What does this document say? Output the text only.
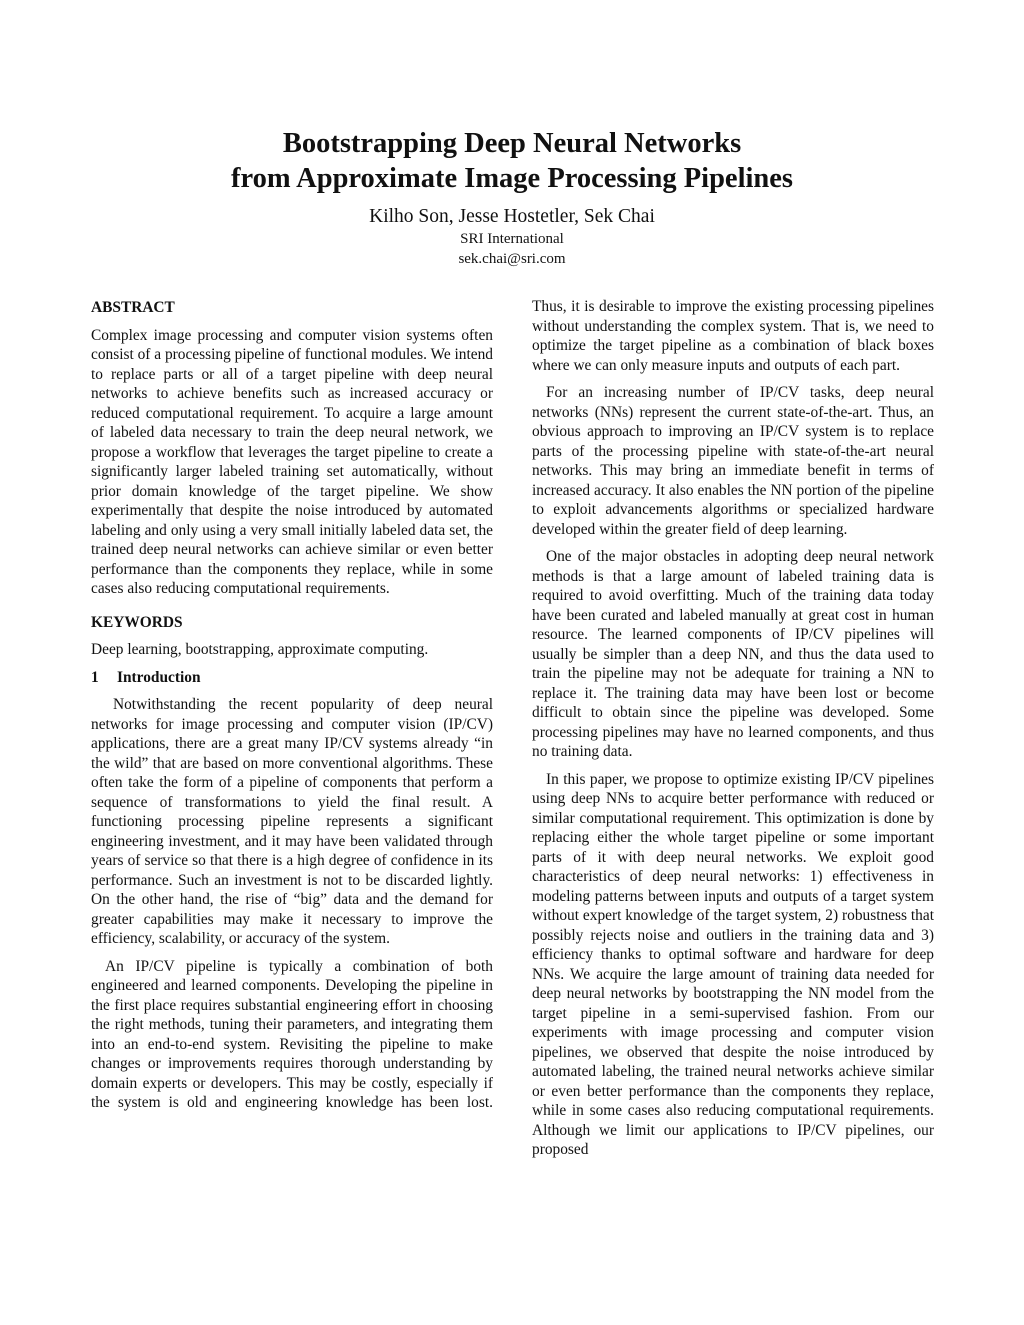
Bootstrapping Deep Neural Networks
from Approximate Image Processing Pipelines
Kilho Son, Jesse Hostetler, Sek Chai
SRI International
sek.chai@sri.com
ABSTRACT

Complex image processing and computer vision systems often consist of a processing pipeline of functional modules. We intend to replace parts or all of a target pipeline with deep neural networks to achieve benefits such as increased accuracy or reduced computational requirement. To acquire a large amount of labeled data necessary to train the deep neural network, we propose a workflow that leverages the target pipeline to create a significantly larger labeled training set automatically, without prior domain knowledge of the target pipeline. We show experimentally that despite the noise introduced by automated labeling and only using a very small initially labeled data set, the trained deep neural networks can achieve similar or even better performance than the components they replace, while in some cases also reducing computational requirements.

KEYWORDS

Deep learning, bootstrapping, approximate computing.

1 Introduction

Notwithstanding the recent popularity of deep neural networks for image processing and computer vision (IP/CV) applications, there are a great many IP/CV systems already “in the wild” that are based on more conventional algorithms. These often take the form of a pipeline of components that perform a sequence of transformations to yield the final result. A functioning processing pipeline represents a significant engineering investment, and it may have been validated through years of service so that there is a high degree of confidence in its performance. Such an investment is not to be discarded lightly. On the other hand, the rise of “big” data and the demand for greater capabilities may make it necessary to improve the efficiency, scalability, or accuracy of the system.

An IP/CV pipeline is typically a combination of both engineered and learned components. Developing the pipeline in the first place requires substantial engineering effort in choosing the right methods, tuning their parameters, and integrating them into an end-to-end system. Revisiting the pipeline to make changes or improvements requires thorough understanding by domain experts or developers. This may be costly, especially if the system is old and engineering knowledge has been lost.

Thus, it is desirable to improve the existing processing pipelines without understanding the complex system. That is, we need to optimize the target pipeline as a combination of black boxes where we can only measure inputs and outputs of each part.

For an increasing number of IP/CV tasks, deep neural networks (NNs) represent the current state-of-the-art. Thus, an obvious approach to improving an IP/CV system is to replace parts of the processing pipeline with state-of-the-art neural networks. This may bring an immediate benefit in terms of increased accuracy. It also enables the NN portion of the pipeline to exploit advancements algorithms or specialized hardware developed within the greater field of deep learning.

One of the major obstacles in adopting deep neural network methods is that a large amount of labeled training data is required to avoid overfitting. Much of the training data today have been curated and labeled manually at great cost in human resource. The learned components of IP/CV pipelines will usually be simpler than a deep NN, and thus the data used to train the pipeline may not be adequate for training a NN to replace it. The training data may have been lost or become difficult to obtain since the pipeline was developed. Some processing pipelines may have no learned components, and thus no training data.

In this paper, we propose to optimize existing IP/CV pipelines using deep NNs to acquire better performance with reduced or similar computational requirement. This optimization is done by replacing either the whole target pipeline or some important parts of it with deep neural networks. We exploit good characteristics of deep neural networks: 1) effectiveness in modeling patterns between inputs and outputs of a target system without expert knowledge of the target system, 2) robustness that possibly rejects noise and outliers in the training data and 3) efficiency thanks to optimal software and hardware for deep NNs. We acquire the large amount of training data needed for deep neural networks by bootstrapping the NN model from the target pipeline in a semi-supervised fashion. From our experiments with image processing and computer vision pipelines, we observed that despite the noise introduced by automated labeling, the trained neural networks achieve similar or even better performance than the components they replace, while in some cases also reducing computational requirements. Although we limit our applications to IP/CV pipelines, our proposed
